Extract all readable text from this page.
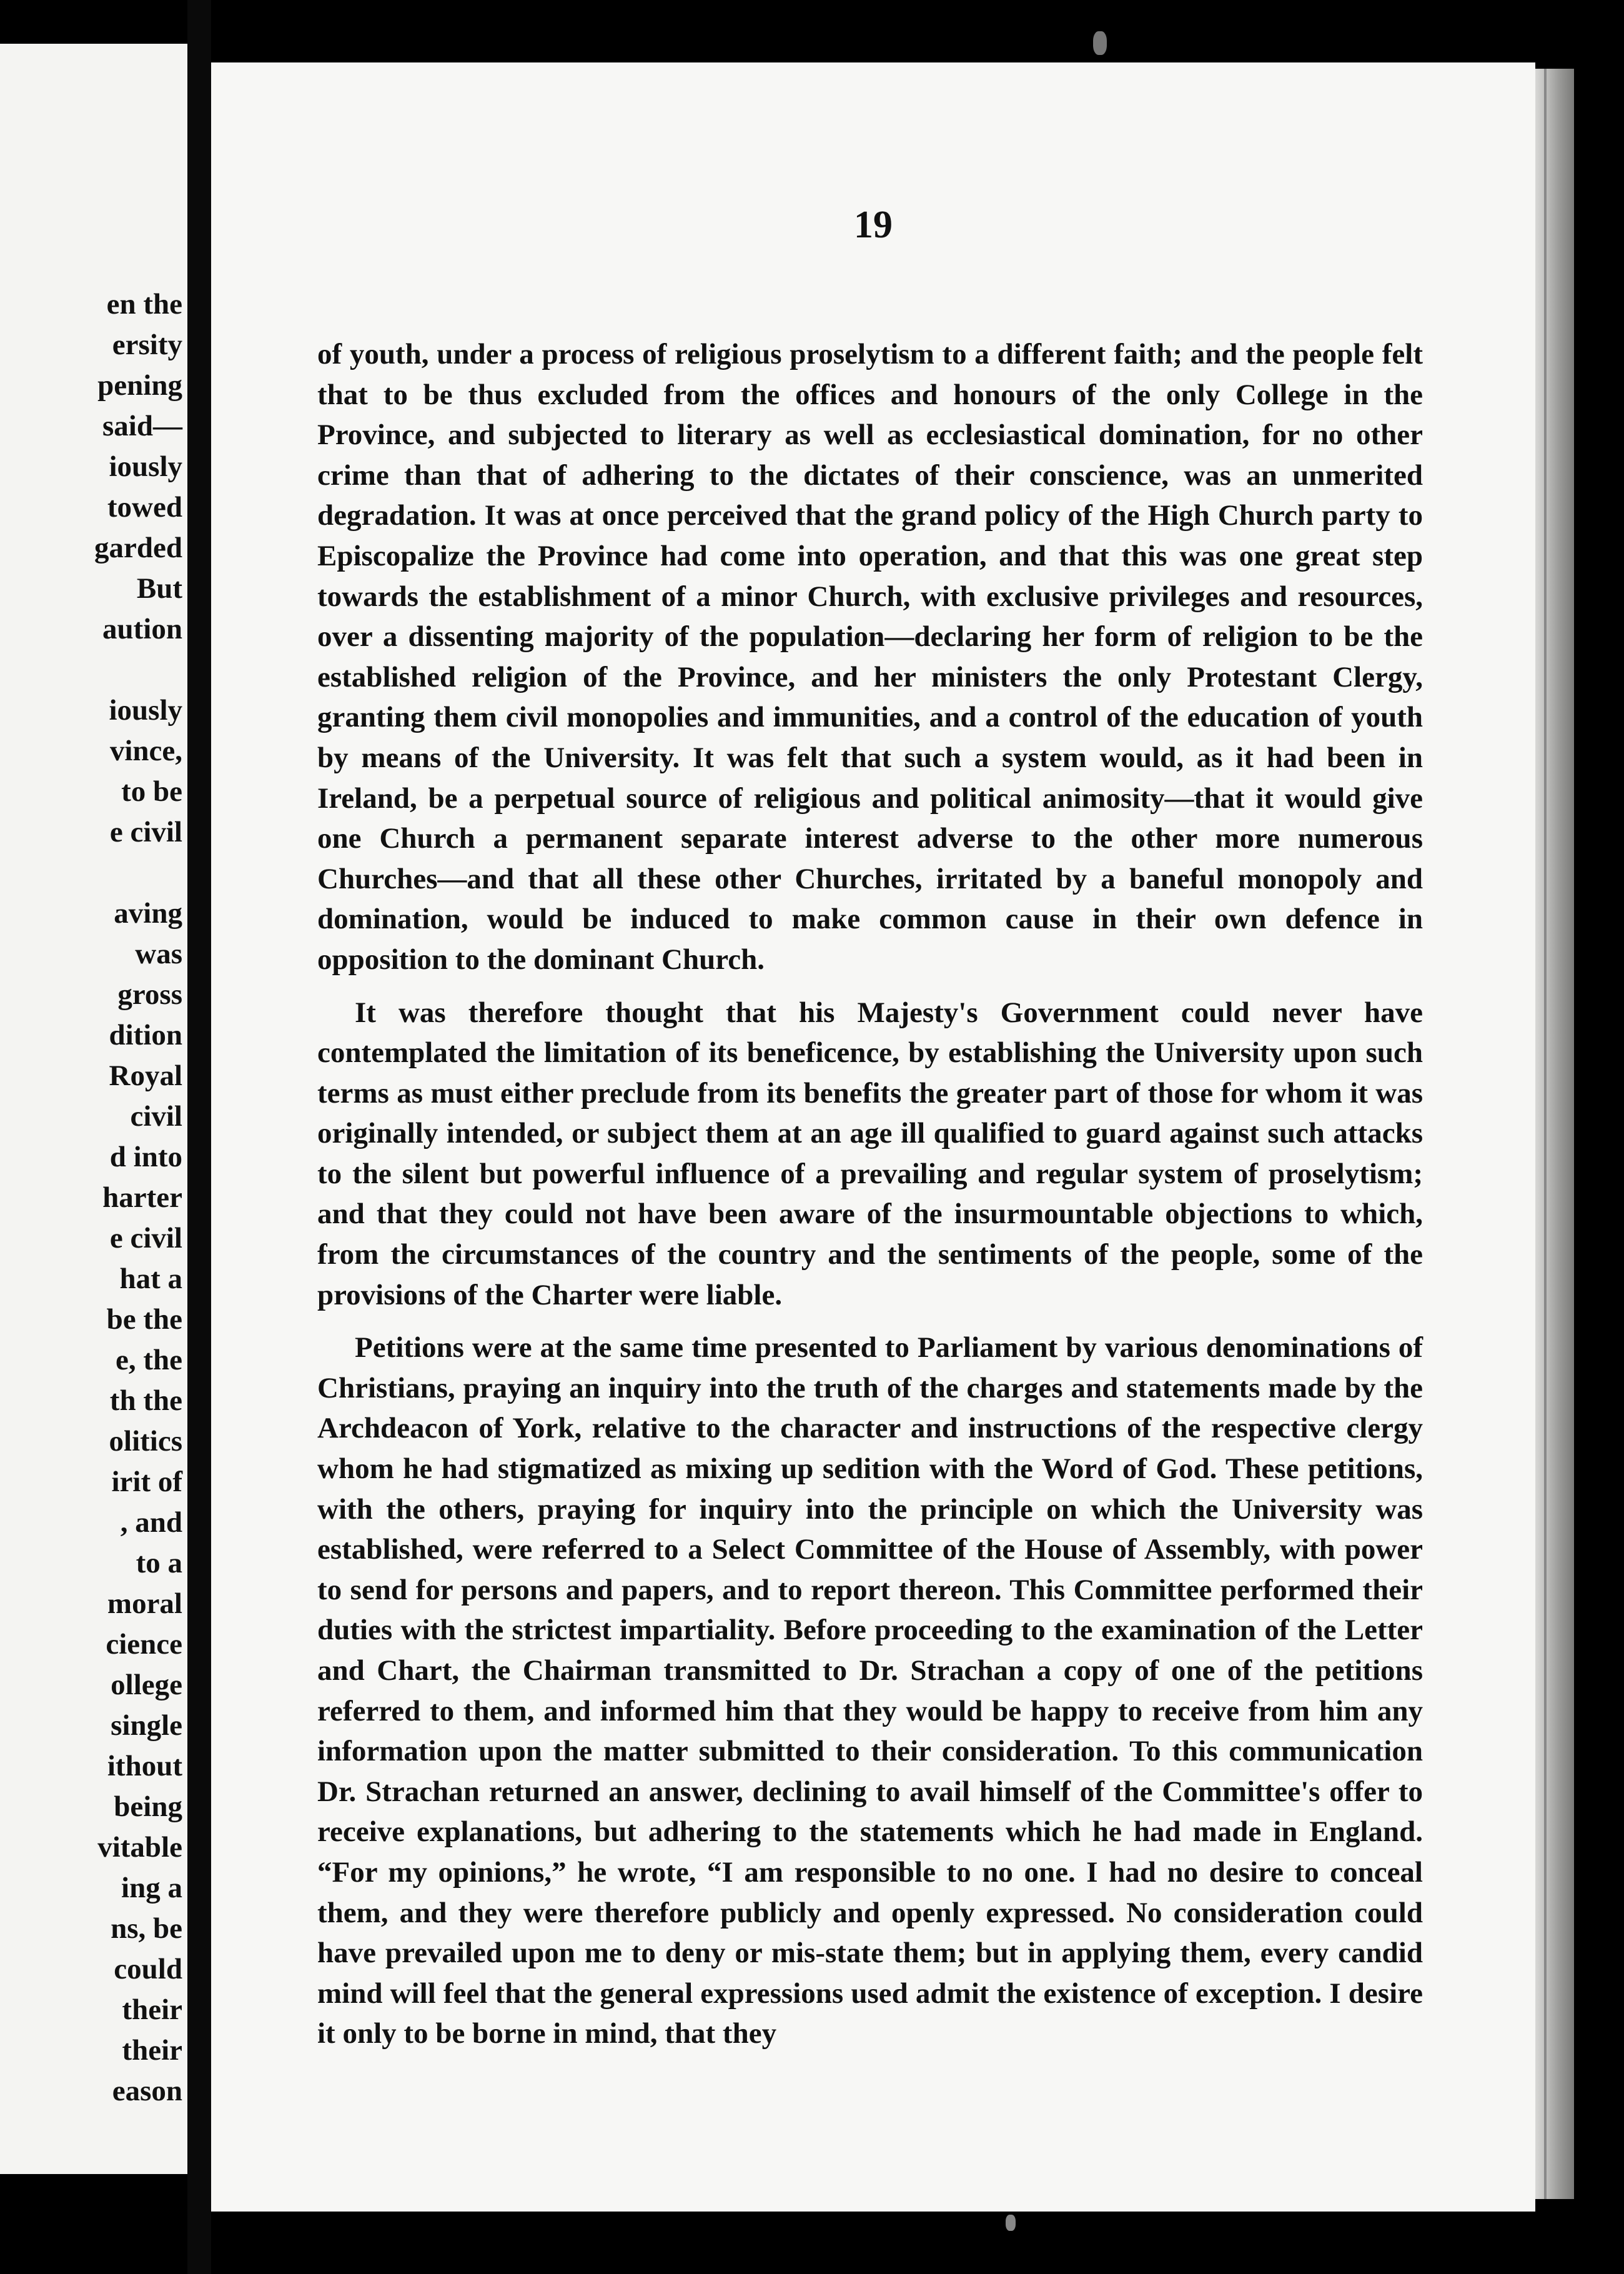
en the
ersity
pening
said—
iously
towed
garded
But
aution
iously
vince,
to be
e civil
aving
was
gross
dition
Royal
civil
d into
harter
e civil
hat a
be the
e, the
th the
olitics
irit of
, and
to a
moral
cience
ollege
single
ithout
being
vitable
ing a
ns, be
could
their
their
eason
19

of youth, under a process of religious proselytism to a different faith; and the people felt that to be thus excluded from the offices and honours of the only College in the Province, and subjected to literary as well as ecclesiastical domination, for no other crime than that of adhering to the dictates of their conscience, was an unmerited degradation. It was at once perceived that the grand policy of the High Church party to Episcopalize the Province had come into operation, and that this was one great step towards the establishment of a minor Church, with exclusive privileges and resources, over a dissenting majority of the population—declaring her form of religion to be the established religion of the Province, and her ministers the only Protestant Clergy, granting them civil monopolies and immunities, and a control of the education of youth by means of the University. It was felt that such a system would, as it had been in Ireland, be a perpetual source of religious and political animosity—that it would give one Church a permanent separate interest adverse to the other more numerous Churches—and that all these other Churches, irritated by a baneful monopoly and domination, would be induced to make common cause in their own defence in opposition to the dominant Church.

It was therefore thought that his Majesty's Government could never have contemplated the limitation of its beneficence, by establishing the University upon such terms as must either preclude from its benefits the greater part of those for whom it was originally intended, or subject them at an age ill qualified to guard against such attacks to the silent but powerful influence of a prevailing and regular system of proselytism; and that they could not have been aware of the insurmountable objections to which, from the circumstances of the country and the sentiments of the people, some of the provisions of the Charter were liable.

Petitions were at the same time presented to Parliament by various denominations of Christians, praying an inquiry into the truth of the charges and statements made by the Archdeacon of York, relative to the character and instructions of the respective clergy whom he had stigmatized as mixing up sedition with the Word of God. These petitions, with the others, praying for inquiry into the principle on which the University was established, were referred to a Select Committee of the House of Assembly, with power to send for persons and papers, and to report thereon. This Committee performed their duties with the strictest impartiality. Before proceeding to the examination of the Letter and Chart, the Chairman transmitted to Dr. Strachan a copy of one of the petitions referred to them, and informed him that they would be happy to receive from him any information upon the matter submitted to their consideration. To this communication Dr. Strachan returned an answer, declining to avail himself of the Committee's offer to receive explanations, but adhering to the statements which he had made in England. “For my opinions,” he wrote, “I am responsible to no one. I had no desire to conceal them, and they were therefore publicly and openly expressed. No consideration could have prevailed upon me to deny or mis-state them; but in applying them, every candid mind will feel that the general expressions used admit the existence of exception. I desire it only to be borne in mind, that they
